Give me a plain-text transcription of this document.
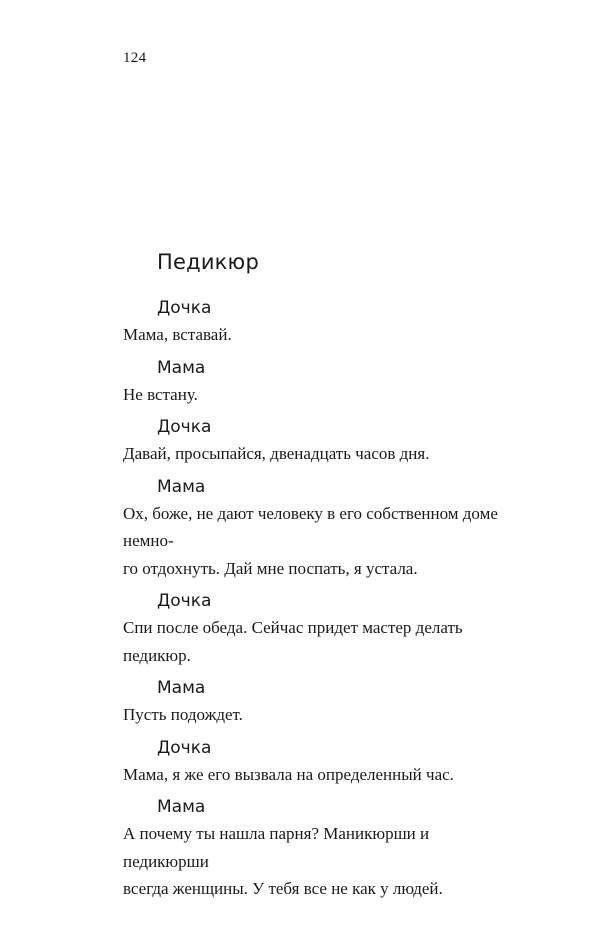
124
Педикюр
Дочка
Мама, вставай.
Мама
Не встану.
Дочка
Давай, просыпайся, двенадцать часов дня.
Мама
Ох, боже, не дают человеку в его собственном доме немно-
го отдохнуть. Дай мне поспать, я устала.
Дочка
Спи после обеда. Сейчас придет мастер делать педикюр.
Мама
Пусть подождет.
Дочка
Мама, я же его вызвала на определенный час.
Мама
А почему ты нашла парня? Маникюрши и педикюрши
всегда женщины. У тебя все не как у людей.
